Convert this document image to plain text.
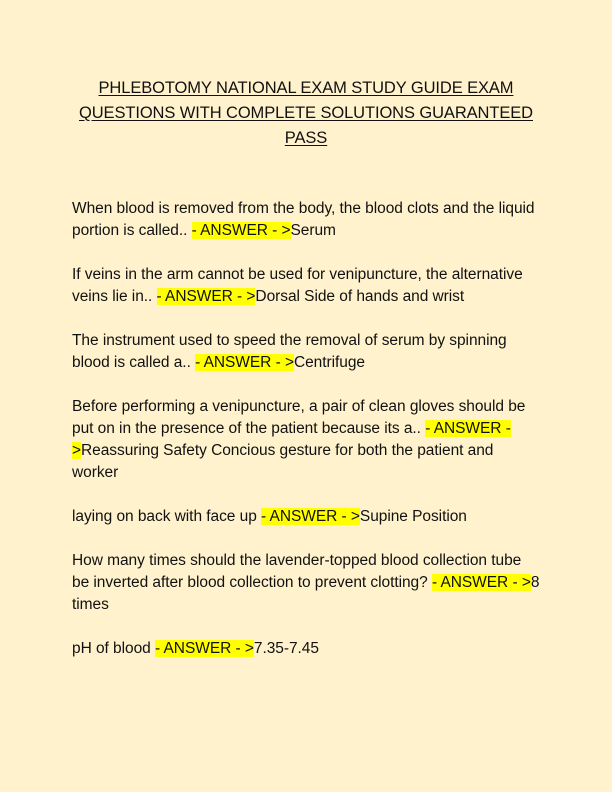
PHLEBOTOMY NATIONAL EXAM STUDY GUIDE EXAM
QUESTIONS WITH COMPLETE SOLUTIONS GUARANTEED
PASS

When blood is removed from the body, the blood clots and the liquid portion is called.. - ANSWER - >Serum

If veins in the arm cannot be used for venipuncture, the alternative veins lie in.. - ANSWER - >Dorsal Side of hands and wrist

The instrument used to speed the removal of serum by spinning blood is called a.. - ANSWER - >Centrifuge

Before performing a venipuncture, a pair of clean gloves should be put on in the presence of the patient because its a.. - ANSWER - >Reassuring Safety Concious gesture for both the patient and worker

laying on back with face up - ANSWER - >Supine Position

How many times should the lavender-topped blood collection tube be inverted after blood collection to prevent clotting? - ANSWER - >8 times

pH of blood - ANSWER - >7.35-7.45
